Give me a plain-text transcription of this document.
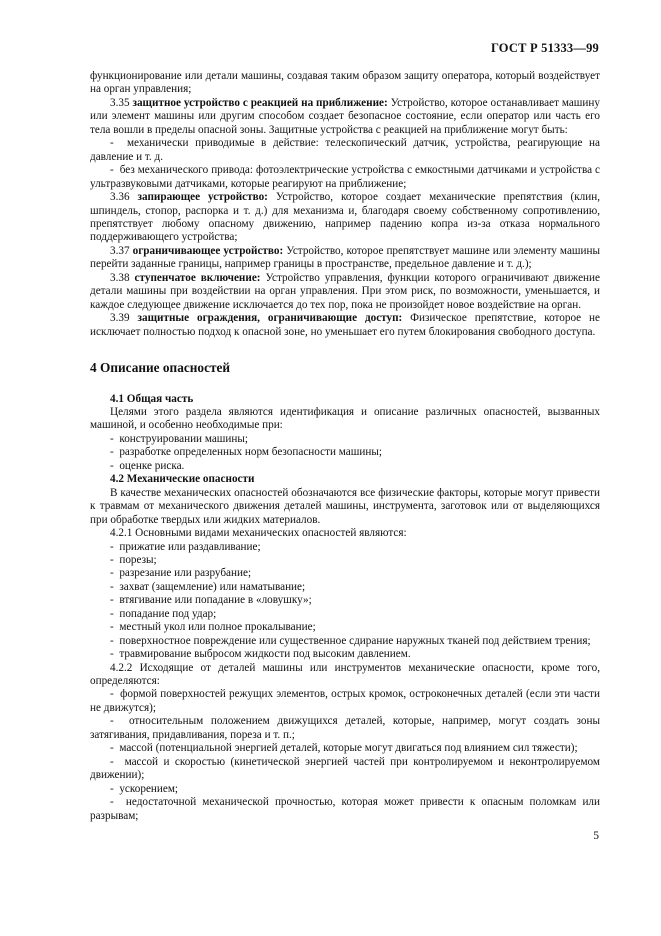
ГОСТ Р 51333—99

функционирование или детали машины, создавая таким образом защиту оператора, который воздействует на орган управления;

3.35 защитное устройство с реакцией на приближение: Устройство, которое останавливает машину или элемент машины или другим способом создает безопасное состояние, если оператор или часть его тела вошли в пределы опасной зоны. Защитные устройства с реакцией на приближение могут быть:

-  механически приводимые в действие: телескопический датчик, устройства, реагирующие на давление и т. д.

-  без механического привода: фотоэлектрические устройства с емкостными датчиками и устройства с ультразвуковыми датчиками, которые реагируют на приближение;

3.36 запирающее устройство: Устройство, которое создает механические препятствия (клин, шпиндель, стопор, распорка и т. д.) для механизма и, благодаря своему собственному сопротивлению, препятствует любому опасному движению, например падению копра из-за отказа нормального поддерживающего устройства;

3.37 ограничивающее устройство: Устройство, которое препятствует машине или элементу машины перейти заданные границы, например границы в пространстве, предельное давление и т. д.);

3.38 ступенчатое включение: Устройство управления, функции которого ограничивают движение детали машины при воздействии на орган управления. При этом риск, по возможности, уменьшается, и каждое следующее движение исключается до тех пор, пока не произойдет новое воздействие на орган.

3.39 защитные ограждения, ограничивающие доступ: Физическое препятствие, которое не исключает полностью подход к опасной зоне, но уменьшает его путем блокирования свободного доступа.

4 Описание опасностей

4.1 Общая часть

Целями этого раздела являются идентификация и описание различных опасностей, вызванных машиной, и особенно необходимые при:

-  конструировании машины;

-  разработке определенных норм безопасности машины;

-  оценке риска.

4.2 Механические опасности

В качестве механических опасностей обозначаются все физические факторы, которые могут привести к травмам от механического движения деталей машины, инструмента, заготовок или от выделяющихся при обработке твердых или жидких материалов.

4.2.1 Основными видами механических опасностей являются:

-  прижатие или раздавливание;

-  порезы;

-  разрезание или разрубание;

-  захват (защемление) или наматывание;

-  втягивание или попадание в «ловушку»;

-  попадание под удар;

-  местный укол или полное прокалывание;

-  поверхностное повреждение или существенное сдирание наружных тканей под действием трения;

-  травмирование выбросом жидкости под высоким давлением.

4.2.2 Исходящие от деталей машины или инструментов механические опасности, кроме того, определяются:

-  формой поверхностей режущих элементов, острых кромок, остроконечных деталей (если эти части не движутся);

-  относительным положением движущихся деталей, которые, например, могут создать зоны затягивания, придавливания, пореза и т. п.;

-  массой (потенциальной энергией деталей, которые могут двигаться под влиянием сил тяжести);

-  массой и скоростью (кинетической энергией частей при контролируемом и неконтролируемом движении);

-  ускорением;

-  недостаточной механической прочностью, которая может привести к опасным поломкам или разрывам;

5
